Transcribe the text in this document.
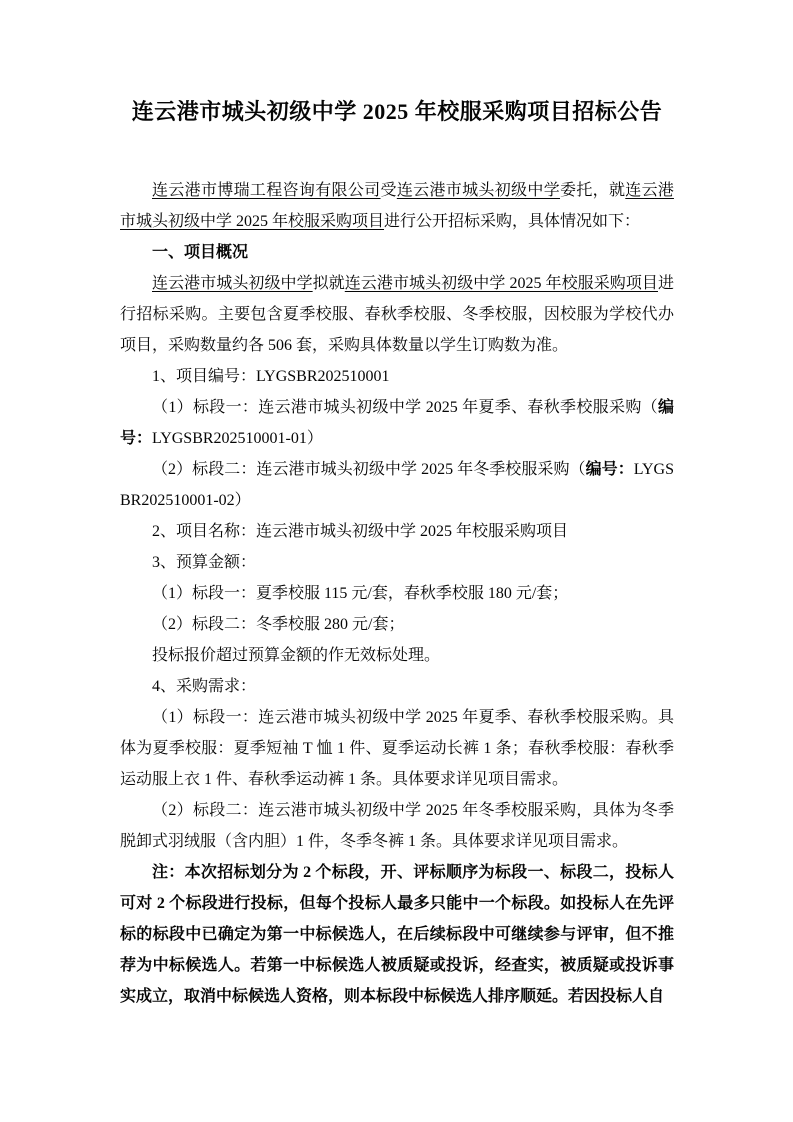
连云港市城头初级中学 2025 年校服采购项目招标公告

连云港市博瑞工程咨询有限公司受连云港市城头初级中学委托，就连云港市城头初级中学 2025 年校服采购项目进行公开招标采购，具体情况如下：

一、项目概况

连云港市城头初级中学拟就连云港市城头初级中学 2025 年校服采购项目进行招标采购。主要包含夏季校服、春秋季校服、冬季校服，因校服为学校代办项目，采购数量约各 506 套，采购具体数量以学生订购数为准。

1、项目编号：LYGSBR202510001

（1）标段一：连云港市城头初级中学 2025 年夏季、春秋季校服采购（编号：LYGSBR202510001-01）

（2）标段二：连云港市城头初级中学 2025 年冬季校服采购（编号：LYGSBR202510001-02）

2、项目名称：连云港市城头初级中学 2025 年校服采购项目

3、预算金额：

（1）标段一：夏季校服 115 元/套，春秋季校服 180 元/套；

（2）标段二：冬季校服 280 元/套；

投标报价超过预算金额的作无效标处理。

4、采购需求：

（1）标段一：连云港市城头初级中学 2025 年夏季、春秋季校服采购。具体为夏季校服：夏季短袖 T 恤 1 件、夏季运动长裤 1 条；春秋季校服：春秋季运动服上衣 1 件、春秋季运动裤 1 条。具体要求详见项目需求。

（2）标段二：连云港市城头初级中学 2025 年冬季校服采购，具体为冬季脱卸式羽绒服（含内胆）1 件，冬季冬裤 1 条。具体要求详见项目需求。

注：本次招标划分为 2 个标段，开、评标顺序为标段一、标段二，投标人可对 2 个标段进行投标，但每个投标人最多只能中一个标段。如投标人在先评标的标段中已确定为第一中标候选人，在后续标段中可继续参与评审，但不推荐为中标候选人。若第一中标候选人被质疑或投诉，经查实，被质疑或投诉事实成立，取消中标候选人资格，则本标段中标候选人排序顺延。若因投标人自
